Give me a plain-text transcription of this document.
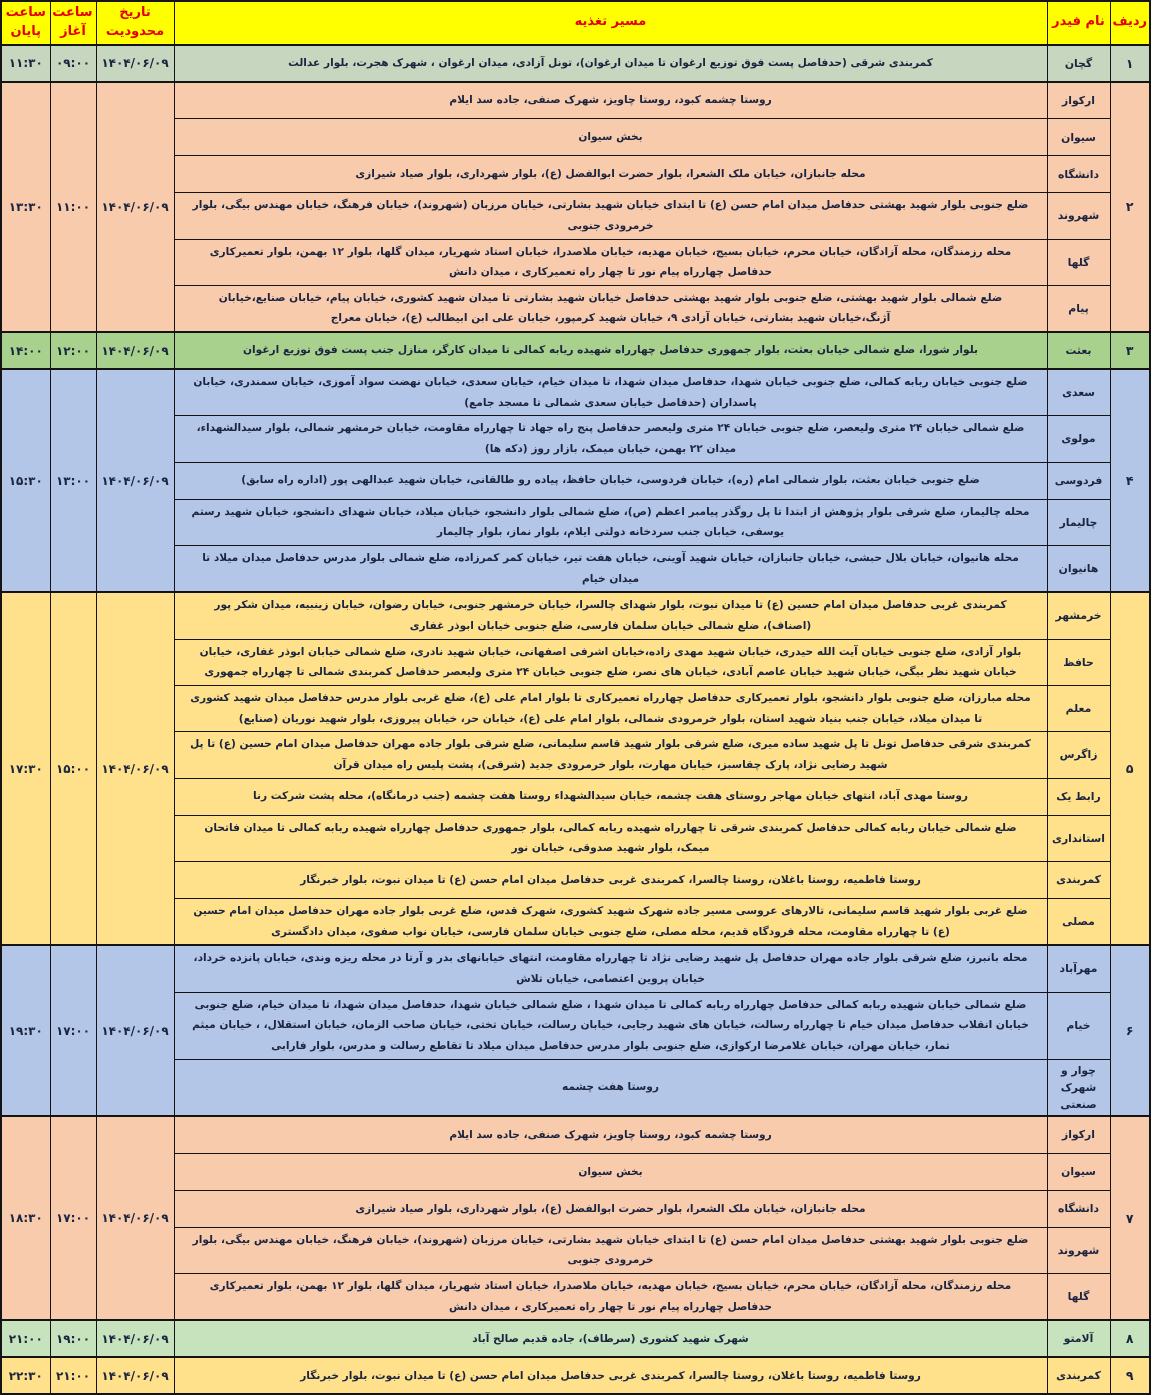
ردیف	نام فیدر	مسیر تغذیه	تاریخ محدودیت	ساعت آغاز	ساعت پایان
۱	گچان	کمربندی شرقی (حدفاصل پست فوق توزیع ارغوان تا میدان ارغوان)، تونل آزادی، میدان ارغوان ، شهرک هجرت، بلوار عدالت	۱۴۰۴/۰۶/۰۹	۰۹:۰۰	۱۱:۳۰
۲	ارکواز	روستا چشمه کبود، روستا چاویز، شهرک صنفی، جاده سد ایلام	۱۴۰۴/۰۶/۰۹	۱۱:۰۰	۱۳:۳۰
	سیوان	بخش سیوان			
	دانشگاه	محله جانبازان، خیابان ملک الشعرا، بلوار حضرت ابوالفضل (ع)، بلوار شهرداری، بلوار صیاد شیرازی			
	شهروند	ضلع جنوبی بلوار شهید بهشتی حدفاصل میدان امام حسن (ع) تا ابتدای خیابان شهید بشارتی، خیابان مرزبان (شهروند)، خیابان فرهنگ، خیابان مهندس بیگی، بلوار خرمرودی جنوبی			
	گلها	محله رزمندگان، محله آزادگان، خیابان محرم، خیابان بسیج، خیابان مهدیه، خیابان ملاصدرا، خیابان استاد شهریار، میدان گلها، بلوار ۱۲ بهمن، بلوار تعمیرکاری حدفاصل چهارراه پیام نور تا چهار راه تعمیرکاری ، میدان دانش			
	پیام	ضلع شمالی بلوار شهید بهشتی، ضلع جنوبی بلوار شهید بهشتی حدفاصل خیابان شهید بشارتی تا میدان شهید کشوری، خیابان پیام، خیابان صنایع،خیابان آژنگ،خیابان شهید بشارتی، خیابان آزادی ۹، خیابان شهید کرمپور، خیابان علی ابن ابیطالب (ع)، خیابان معراج			
۳	بعثت	بلوار شورا، ضلع شمالی خیابان بعثت، بلوار جمهوری حدفاصل چهارراه شهیده ریابه کمالی تا میدان کارگر، منازل جنب پست فوق توزیع ارغوان	۱۴۰۴/۰۶/۰۹	۱۲:۰۰	۱۴:۰۰
۴	سعدی	ضلع جنوبی خیابان ربابه کمالی، ضلع جنوبی خیابان شهدا، حدفاصل میدان شهدا، تا میدان خیام، خیابان سعدی، خیابان نهضت سواد آموزی، خیابان سمندری، خیابان پاسداران (حدفاصل خیابان سعدی شمالی تا مسجد جامع)	۱۴۰۴/۰۶/۰۹	۱۳:۰۰	۱۵:۳۰
	مولوی	ضلع شمالی خیابان ۲۴ متری ولیعصر، ضلع جنوبی خیابان ۲۴ متری ولیعصر حدفاصل پنج راه جهاد تا چهارراه مقاومت، خیابان خرمشهر شمالی، بلوار سیدالشهداء، میدان ۲۲ بهمن، خیابان میمک، بازار روز (دکه ها)			
	فردوسی	ضلع جنوبی خیابان بعثت، بلوار شمالی امام (ره)، خیابان فردوسی، خیابان حافظ، پیاده رو طالقانی، خیابان شهید عبدالهی پور (اداره راه سابق)			
	چالیمار	محله چالیمار، ضلع شرقی بلوار پژوهش از ابتدا تا پل روگذر پیامبر اعظم (ص)، ضلع شمالی بلوار دانشجو، خیابان میلاد، خیابان شهدای دانشجو، خیابان شهید رستم یوسفی، خیابان جنب سردخانه دولتی ایلام، بلوار نماز، بلوار چالیمار			
	هانیوان	محله هانیوان، خیابان بلال حبشی، خیابان جانبازان، خیابان شهید آوینی، خیابان هفت تیر، خیابان کمر کمرزاده، ضلع شمالی بلوار مدرس حدفاصل میدان میلاد تا میدان خیام			
۵	خرمشهر	کمربندی غربی حدفاصل میدان امام حسین (ع) تا میدان نبوت، بلوار شهدای چالسرا، خیابان خرمشهر جنوبی، خیابان رضوان، خیابان زینبیه، میدان شکر پور (اصناف)، ضلع شمالی خیابان سلمان فارسی، ضلع جنوبی خیابان ابوذر غفاری	۱۴۰۴/۰۶/۰۹	۱۵:۰۰	۱۷:۳۰
	حافظ	بلوار آزادی، ضلع جنوبی خیابان آیت الله حیدری، خیابان شهید مهدی زاده،خیابان اشرفی اصفهانی، خیابان شهید نادری، ضلع شمالی خیابان ابوذر غفاری، خیابان خیابان شهید نظر بیگی، خیابان شهید خیابان عاصم آبادی، خیابان های نصر، ضلع جنوبی خیابان ۲۴ متری ولیعصر حدفاصل کمربندی شمالی تا چهارراه جمهوری			
	معلم	محله مبارزان، ضلع جنوبی بلوار دانشجو، بلوار تعمیرکاری حدفاصل چهارراه تعمیرکاری تا بلوار امام علی (ع)، ضلع غربی بلوار مدرس حدفاصل میدان شهید کشوری تا میدان میلاد، خیابان جنب بنیاد شهید استان، بلوار خرمرودی شمالی، بلوار امام علی (ع)، خیابان حر، خیابان پیروزی، بلوار شهید نوریان (صنایع)			
	زاگرس	کمربندی شرقی حدفاصل تونل تا پل شهید ساده میری، ضلع شرقی بلوار شهید قاسم سلیمانی، ضلع شرقی بلوار جاده مهران حدفاصل میدان امام حسین (ع) تا پل شهید رضایی نژاد، پارک چقاسبز، خیابان مهارت، بلوار خرمرودی جدید (شرقی)، پشت پلیس راه میدان قرآن			
	رابط یک	روستا مهدی آباد، انتهای خیابان مهاجر روستای هفت چشمه، خیابان سیدالشهداء روستا هفت چشمه (جنب درمانگاه)، محله پشت شرکت رنا			
	استانداری	ضلع شمالی خیابان ربابه کمالی حدفاصل کمربندی شرقی تا چهارراه شهیده ربابه کمالی، بلوار جمهوری حدفاصل چهارراه شهیده ربابه کمالی تا میدان فاتحان میمک، بلوار شهید صدوقی، خیابان نور			
	کمربندی	روستا فاطمیه، روستا باغلان، روستا چالسرا، کمربندی غربی حدفاصل میدان امام حسن (ع) تا میدان نبوت، بلوار خبرنگار			
	مصلی	ضلع غربی بلوار شهید قاسم سلیمانی، تالارهای عروسی مسیر جاده شهرک شهید کشوری، شهرک قدس، ضلع غربی بلوار جاده مهران حدفاصل میدان امام حسین (ع) تا چهارراه مقاومت، محله فرودگاه قدیم، محله مصلی، ضلع جنوبی خیابان سلمان فارسی، خیابان نواب صفوی، میدان دادگستری			
۶	مهرآباد	محله بانبرز، ضلع شرقی بلوار جاده مهران حدفاصل پل شهید رضایی نژاد تا چهارراه مقاومت، انتهای خیابانهای بدر و آرتا در محله ریزه وندی، خیابان پانزده خرداد، خیابان پروین اعتصامی، خیابان تلاش	۱۴۰۴/۰۶/۰۹	۱۷:۰۰	۱۹:۳۰
	خیام	ضلع شمالی خیابان شهیده ربابه کمالی حدفاصل چهارراه ربابه کمالی تا میدان شهدا ، ضلع شمالی خیابان شهدا، حدفاصل میدان شهدا، تا میدان خیام، ضلع جنوبی خیابان انقلاب حدفاصل میدان خیام تا چهارراه رسالت، خیابان های شهید رجایی، خیابان رسالت، خیابان تختی، خیابان صاحب الزمان، خیابان استقلال، ، خیابان میثم تمار، خیابان مهران، خیابان غلامرضا ارکوازی، ضلع جنوبی بلوار مدرس حدفاصل میدان میلاد تا تقاطع رسالت و مدرس، بلوار فارابی			
	چوار و شهرک صنعتی	روستا هفت چشمه			
۷	ارکواز	روستا چشمه کبود، روستا چاویز، شهرک صنفی، جاده سد ایلام	۱۴۰۴/۰۶/۰۹	۱۷:۰۰	۱۸:۳۰
	سیوان	بخش سیوان			
	دانشگاه	محله جانبازان، خیابان ملک الشعرا، بلوار حضرت ابوالفضل (ع)، بلوار شهرداری، بلوار صیاد شیرازی			
	شهروند	ضلع جنوبی بلوار شهید بهشتی حدفاصل میدان امام حسن (ع) تا ابتدای خیابان شهید بشارتی، خیابان مرزبان (شهروند)، خیابان فرهنگ، خیابان مهندس بیگی، بلوار خرمرودی جنوبی			
	گلها	محله رزمندگان، محله آزادگان، خیابان محرم، خیابان بسیج، خیابان مهدیه، خیابان ملاصدرا، خیابان استاد شهریار، میدان گلها، بلوار ۱۲ بهمن، بلوار تعمیرکاری حدفاصل چهارراه پیام نور تا چهار راه تعمیرکاری ، میدان دانش			
۸	آلامتو	شهرک شهید کشوری (سرطاف)، جاده قدیم صالح آباد	۱۴۰۴/۰۶/۰۹	۱۹:۰۰	۲۱:۰۰
۹	کمربندی	روستا فاطمیه، روستا باغلان، روستا چالسرا، کمربندی غربی حدفاصل میدان امام حسن (ع) تا میدان نبوت، بلوار خبرنگار	۱۴۰۴/۰۶/۰۹	۲۱:۰۰	۲۲:۳۰
